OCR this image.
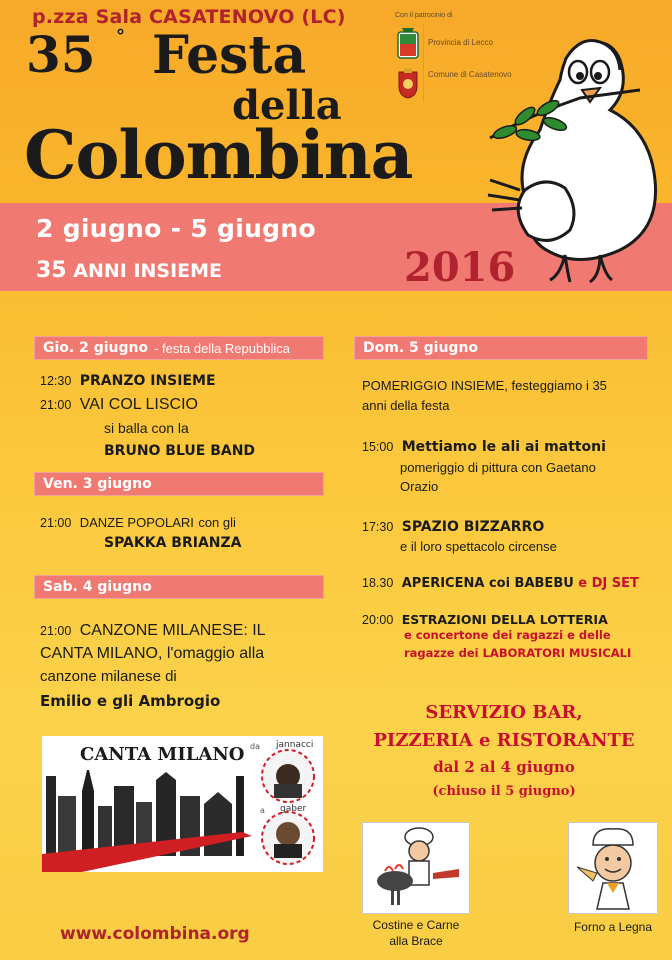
p.zza Sala CASATENOVO (LC)
35 ° Festa
della
Colombina
Con il patrocinio di
Provincia di Lecco
Comune di Casatenovo
2 giugno - 5 giugno
35 ANNI INSIEME	2016
Gio. 2 giugno - festa della Repubblica
12:30 PRANZO INSIEME
21:00 VAI COL LISCIO
si balla con la
BRUNO BLUE BAND
Ven. 3 giugno
21:00 DANZE POPOLARI con gli
SPAKKA BRIANZA
Sab. 4 giugno
21:00 CANZONE MILANESE: IL
CANTA MILANO, l'omaggio alla
canzone milanese di
Emilio e gli Ambrogio
CANTA MILANO da jannacci
a gaber
www.colombina.org
Dom. 5 giugno
POMERIGGIO INSIEME, festeggiamo i 35
anni della festa
15:00 Mettiamo le ali ai mattoni
pomeriggio di pittura con Gaetano
Orazio
17:30 SPAZIO BIZZARRO
e il loro spettacolo circense
18.30 APERICENA coi BABEBU e DJ SET
20:00 ESTRAZIONI DELLA LOTTERIA
e concertone dei ragazzi e delle
ragazze dei LABORATORI MUSICALI
SERVIZIO BAR,
PIZZERIA e RISTORANTE
dal 2 al 4 giugno
(chiuso il 5 giugno)
Costine e Carne
alla Brace
Forno a Legna
